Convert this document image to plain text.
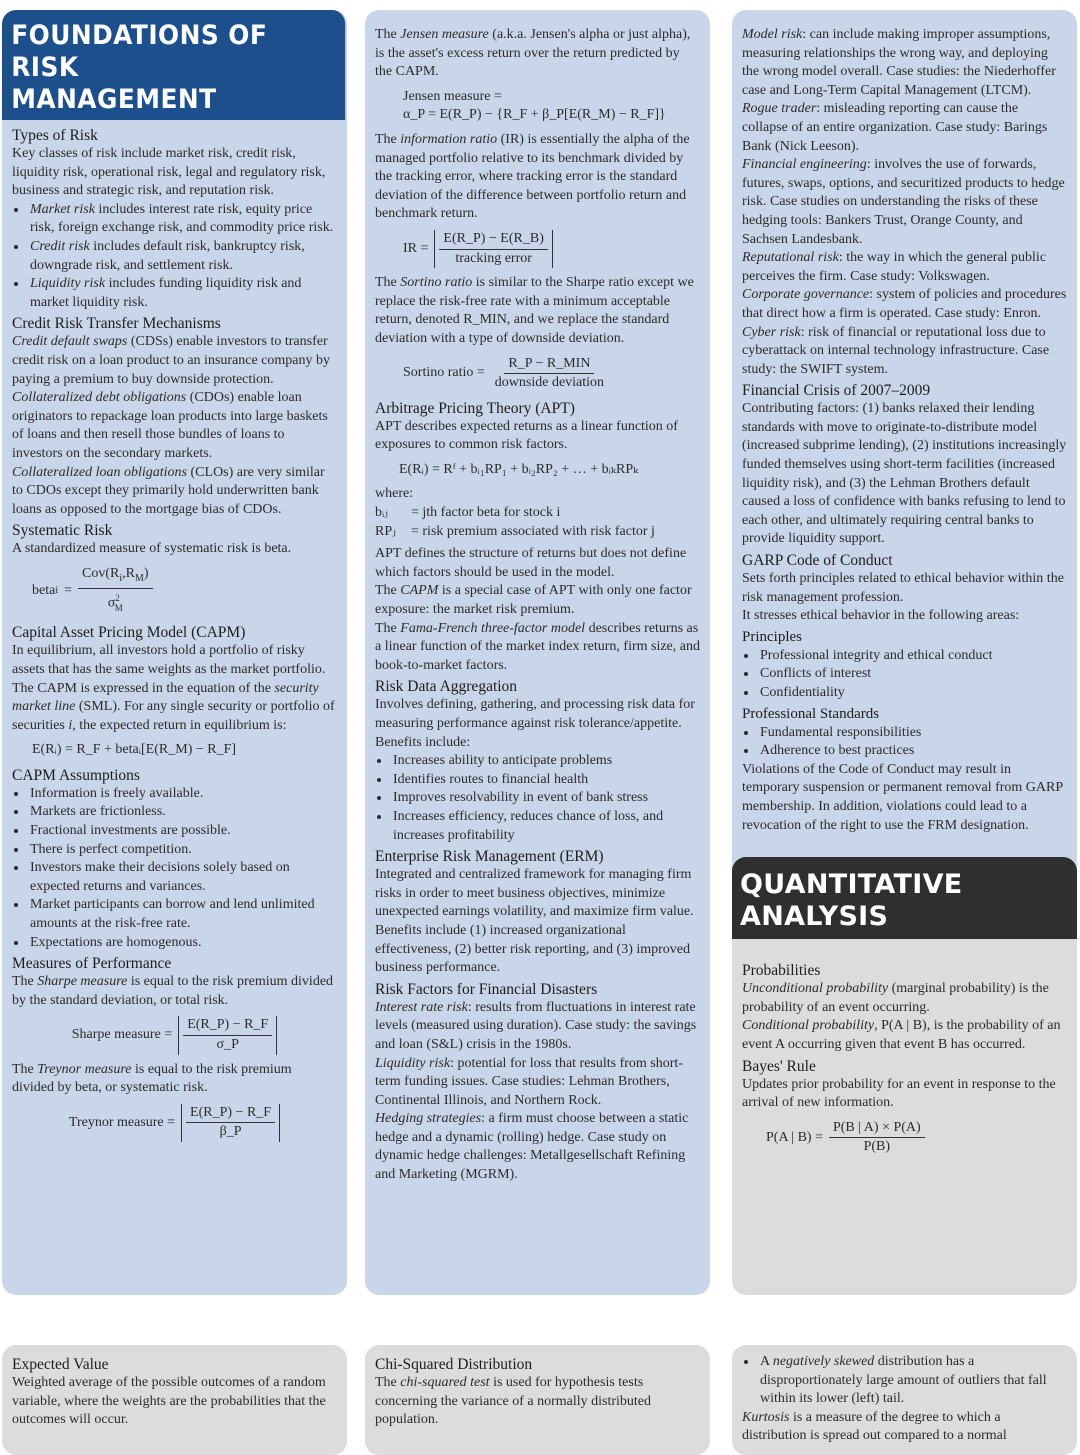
FOUNDATIONS OF RISK
MANAGEMENT
Types of Risk

Key classes of risk include market risk, credit risk, liquidity risk, operational risk, legal and regulatory risk, business and strategic risk, and reputation risk.

• Market risk includes interest rate risk, equity price risk, foreign exchange risk, and commodity price risk.
• Credit risk includes default risk, bankruptcy risk, downgrade risk, and settlement risk.
• Liquidity risk includes funding liquidity risk and market liquidity risk.
Credit Risk Transfer Mechanisms

Credit default swaps (CDSs) enable investors to transfer credit risk on a loan product to an insurance company by paying a premium to buy downside protection.

Collateralized debt obligations (CDOs) enable loan originators to repackage loan products into large baskets of loans and then resell those bundles of loans to investors on the secondary markets.

Collateralized loan obligations (CLOs) are very similar to CDOs except they primarily hold underwritten bank loans as opposed to the mortgage bias of CDOs.

Systematic Risk

A standardized measure of systematic risk is beta.

beta $i = \frac{Cov(R_i,R_M)}{\sigma^2_M}$
Capital Asset Pricing Model (CAPM)

In equilibrium, all investors hold a portfolio of risky assets that has the same weights as the market portfolio. The CAPM is expressed in the equation of the security market line (SML). For any single security or portfolio of securities i, the expected return in equilibrium is:

E(Rᵢ) = R_F + betaᵢ[E(R_M) − R_F]
CAPM Assumptions
• Information is freely available.
• Markets are frictionless.
• Fractional investments are possible.
• There is perfect competition.
• Investors make their decisions solely based on expected returns and variances.
• Market participants can borrow and lend unlimited amounts at the risk-free rate.
• Expectations are homogenous.
Measures of Performance

The Sharpe measure is equal to the risk premium divided by the standard deviation, or total risk.

Sharpe measure = $\frac{E(R\_P) - R\_F}{\sigma\_P}$

The Treynor measure is equal to the risk premium divided by beta, or systematic risk.

Treynor measure = $\frac{E(R\_P) - R\_F}{\beta\_P}$

The Jensen measure (a.k.a. Jensen's alpha or just alpha), is the asset's excess return over the return predicted by the CAPM.

Jensen measure =
α_P = E(R_P) − {R_F + β_P[E(R_M) − R_F]}

The information ratio (IR) is essentially the alpha of the managed portfolio relative to its benchmark divided by the tracking error, where tracking error is the standard deviation of the difference between portfolio return and benchmark return.

IR = $\frac{E(R\_P) - E(R\_B)}{\text{tracking error}}$

The Sortino ratio is similar to the Sharpe ratio except we replace the risk-free rate with a minimum acceptable return, denoted R_MIN, and we replace the standard deviation with a type of downside deviation.

Sortino ratio = $\frac{\text{R\_P − R\_MIN}}{\text{downside deviation}}$
Arbitrage Pricing Theory (APT)

APT describes expected returns as a linear function of exposures to common risk factors.

E(Rᵢ) = Rᶠ + bᵢ₁RP₁ + bᵢ₂RP₂ + … + bᵢₖRPₖ
where:
bᵢⱼ = jth factor beta for stock i
RPⱼ = risk premium associated with risk factor j

APT defines the structure of returns but does not define which factors should be used in the model.

The CAPM is a special case of APT with only one factor exposure: the market risk premium.

The Fama-French three-factor model describes returns as a linear function of the market index return, firm size, and book-to-market factors.

Risk Data Aggregation

Involves defining, gathering, and processing risk data for measuring performance against risk tolerance/appetite. Benefits include:

• Increases ability to anticipate problems
• Identifies routes to financial health
• Improves resolvability in event of bank stress
• Increases efficiency, reduces chance of loss, and increases profitability
Enterprise Risk Management (ERM)

Integrated and centralized framework for managing firm risks in order to meet business objectives, minimize unexpected earnings volatility, and maximize firm value. Benefits include (1) increased organizational effectiveness, (2) better risk reporting, and (3) improved business performance.

Risk Factors for Financial Disasters

Interest rate risk: results from fluctuations in interest rate levels (measured using duration). Case study: the savings and loan (S&L) crisis in the 1980s.

Liquidity risk: potential for loss that results from short-term funding issues. Case studies: Lehman Brothers, Continental Illinois, and Northern Rock.

Hedging strategies: a firm must choose between a static hedge and a dynamic (rolling) hedge. Case study on dynamic hedge challenges: Metallgesellschaft Refining and Marketing (MGRM).

Model risk: can include making improper assumptions, measuring relationships the wrong way, and deploying the wrong model overall. Case studies: the Niederhoffer case and Long-Term Capital Management (LTCM).

Rogue trader: misleading reporting can cause the collapse of an entire organization. Case study: Barings Bank (Nick Leeson).

Financial engineering: involves the use of forwards, futures, swaps, options, and securitized products to hedge risk. Case studies on understanding the risks of these hedging tools: Bankers Trust, Orange County, and Sachsen Landesbank.

Reputational risk: the way in which the general public perceives the firm. Case study: Volkswagen.

Corporate governance: system of policies and procedures that direct how a firm is operated. Case study: Enron.

Cyber risk: risk of financial or reputational loss due to cyberattack on internal technology infrastructure. Case study: the SWIFT system.

Financial Crisis of 2007–2009

Contributing factors: (1) banks relaxed their lending standards with move to originate-to-distribute model (increased subprime lending), (2) institutions increasingly funded themselves using short-term facilities (increased liquidity risk), and (3) the Lehman Brothers default caused a loss of confidence with banks refusing to lend to each other, and ultimately requiring central banks to provide liquidity support.

GARP Code of Conduct

Sets forth principles related to ethical behavior within the risk management profession.

It stresses ethical behavior in the following areas:

Principles
• Professional integrity and ethical conduct
• Conflicts of interest
• Confidentiality
Professional Standards
• Fundamental responsibilities
• Adherence to best practices

Violations of the Code of Conduct may result in temporary suspension or permanent removal from GARP membership. In addition, violations could lead to a revocation of the right to use the FRM designation.

QUANTITATIVE ANALYSIS
Probabilities

Unconditional probability (marginal probability) is the probability of an event occurring.

Conditional probability, P(A | B), is the probability of an event A occurring given that event B has occurred.

Bayes' Rule

Updates prior probability for an event in response to the arrival of new information.

P(A | $B) = \frac{P(B | A) \times P(A)}{P(B)}$
Expected Value

Weighted average of the possible outcomes of a random variable, where the weights are the probabilities that the outcomes will occur.

Chi-Squared Distribution

The chi-squared test is used for hypothesis tests concerning the variance of a normally distributed population.

• A negatively skewed distribution has a disproportionately large amount of outliers that fall within its lower (left) tail.

Kurtosis is a measure of the degree to which a distribution is spread out compared to a normal
